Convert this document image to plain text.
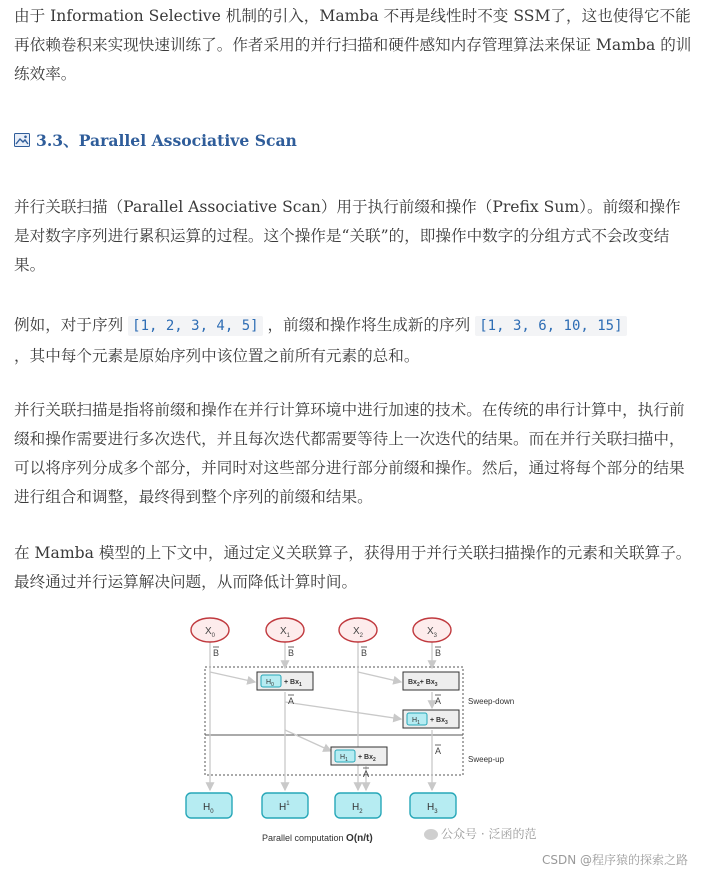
由于 Information Selective 机制的引入，Mamba 不再是线性时不变 SSM了，这也使得它不能再依赖卷积来实现快速训练了。作者采用的并行扫描和硬件感知内存管理算法来保证 Mamba 的训练效率。

3.3、Parallel Associative Scan

并行关联扫描（Parallel Associative Scan）用于执行前缀和操作（Prefix Sum）。前缀和操作是对数字序列进行累积运算的过程。这个操作是“关联”的，即操作中数字的分组方式不会改变结果。

例如，对于序列 [1, 2, 3, 4, 5] ，前缀和操作将生成新的序列 [1, 3, 6, 10, 15]
，其中每个元素是原始序列中该位置之前所有元素的总和。

并行关联扫描是指将前缀和操作在并行计算环境中进行加速的技术。在传统的串行计算中，执行前缀和操作需要进行多次迭代，并且每次迭代都需要等待上一次迭代的结果。而在并行关联扫描中，可以将序列分成多个部分，并同时对这些部分进行部分前缀和操作。然后，通过将每个部分的结果进行组合和调整，最终得到整个序列的前缀和结果。

在 Mamba 模型的上下文中，通过定义关联算子，获得用于并行关联扫描操作的元素和关联算子。最终通过并行运算解决问题，从而降低计算时间。

Sweep-down
Sweep-up
B	B	B	B
A	A
A
A
$X_0$	$X_1$	$X_2$	$X_3$
$H_0 + Bx_1$	$Bx_2+ Bx_3$
$H_1 + Bx_3$
$H_1 + Bx_2$
$H_0$	$H^1$	$H_2$	$H_3$
Parallel computation O(n/t)	公众号 · 泛函的范
CSDN @程序猿的探索之路
